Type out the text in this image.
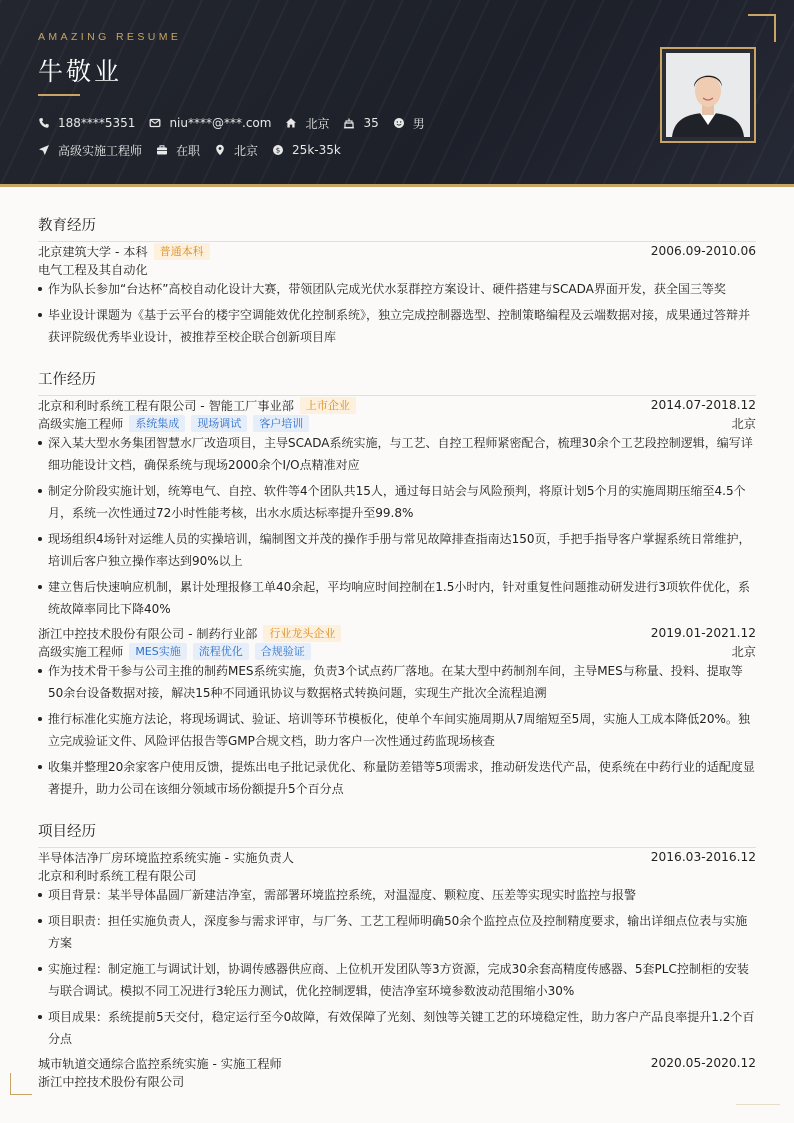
AMAZING RESUME
牛敬业
188****5351	niu****@***.com	北京	35	男
高级实施工程师	在职	北京	$ 25k-35k
教育经历
北京建筑大学 - 本科	普通本科	2006.09-2010.06
电气工程及其自动化
作为队长参加“台达杯”高校自动化设计大赛，带领团队完成光伏水泵群控方案设计、硬件搭建与SCADA界面开发，获全国三等奖
毕业设计课题为《基于云平台的楼宇空调能效优化控制系统》，独立完成控制器选型、控制策略编程及云端数据对接，成果通过答辩并获评院级优秀毕业设计，被推荐至校企联合创新项目库
工作经历
北京和利时系统工程有限公司 - 智能工厂事业部	上市企业	2014.07-2018.12
高级实施工程师	系统集成	现场调试	客户培训	北京
深入某大型水务集团智慧水厂改造项目，主导SCADA系统实施，与工艺、自控工程师紧密配合，梳理30余个工艺段控制逻辑，编写详细功能设计文档，确保系统与现场2000余个I/O点精准对应
制定分阶段实施计划，统筹电气、自控、软件等4个团队共15人，通过每日站会与风险预判，将原计划5个月的实施周期压缩至4.5个月，系统一次性通过72小时性能考核，出水水质达标率提升至99.8%
现场组织4场针对运维人员的实操培训，编制图文并茂的操作手册与常见故障排查指南达150页，手把手指导客户掌握系统日常维护，培训后客户独立操作率达到90%以上
建立售后快速响应机制，累计处理报修工单40余起，平均响应时间控制在1.5小时内，针对重复性问题推动研发进行3项软件优化，系统故障率同比下降40%
浙江中控技术股份有限公司 - 制药行业部	行业龙头企业	2019.01-2021.12
高级实施工程师	MES实施	流程优化	合规验证	北京
作为技术骨干参与公司主推的制药MES系统实施，负责3个试点药厂落地。在某大型中药制剂车间，主导MES与称量、投料、提取等50余台设备数据对接，解决15种不同通讯协议与数据格式转换问题，实现生产批次全流程追溯
推行标准化实施方法论，将现场调试、验证、培训等环节模板化，使单个车间实施周期从7周缩短至5周，实施人工成本降低20%。独立完成验证文件、风险评估报告等GMP合规文档，助力客户一次性通过药监现场核查
收集并整理20余家客户使用反馈，提炼出电子批记录优化、称量防差错等5项需求，推动研发迭代产品，使系统在中药行业的适配度显著提升，助力公司在该细分领域市场份额提升5个百分点
项目经历
半导体洁净厂房环境监控系统实施 - 实施负责人	2016.03-2016.12
北京和利时系统工程有限公司
项目背景：某半导体晶圆厂新建洁净室，需部署环境监控系统，对温湿度、颗粒度、压差等实现实时监控与报警
项目职责：担任实施负责人，深度参与需求评审，与厂务、工艺工程师明确50余个监控点位及控制精度要求，输出详细点位表与实施方案
实施过程：制定施工与调试计划，协调传感器供应商、上位机开发团队等3方资源，完成30余套高精度传感器、5套PLC控制柜的安装与联合调试。模拟不同工况进行3轮压力测试，优化控制逻辑，使洁净室环境参数波动范围缩小30%
项目成果：系统提前5天交付，稳定运行至今0故障，有效保障了光刻、刻蚀等关键工艺的环境稳定性，助力客户产品良率提升1.2个百分点
城市轨道交通综合监控系统实施 - 实施工程师	2020.05-2020.12
浙江中控技术股份有限公司
